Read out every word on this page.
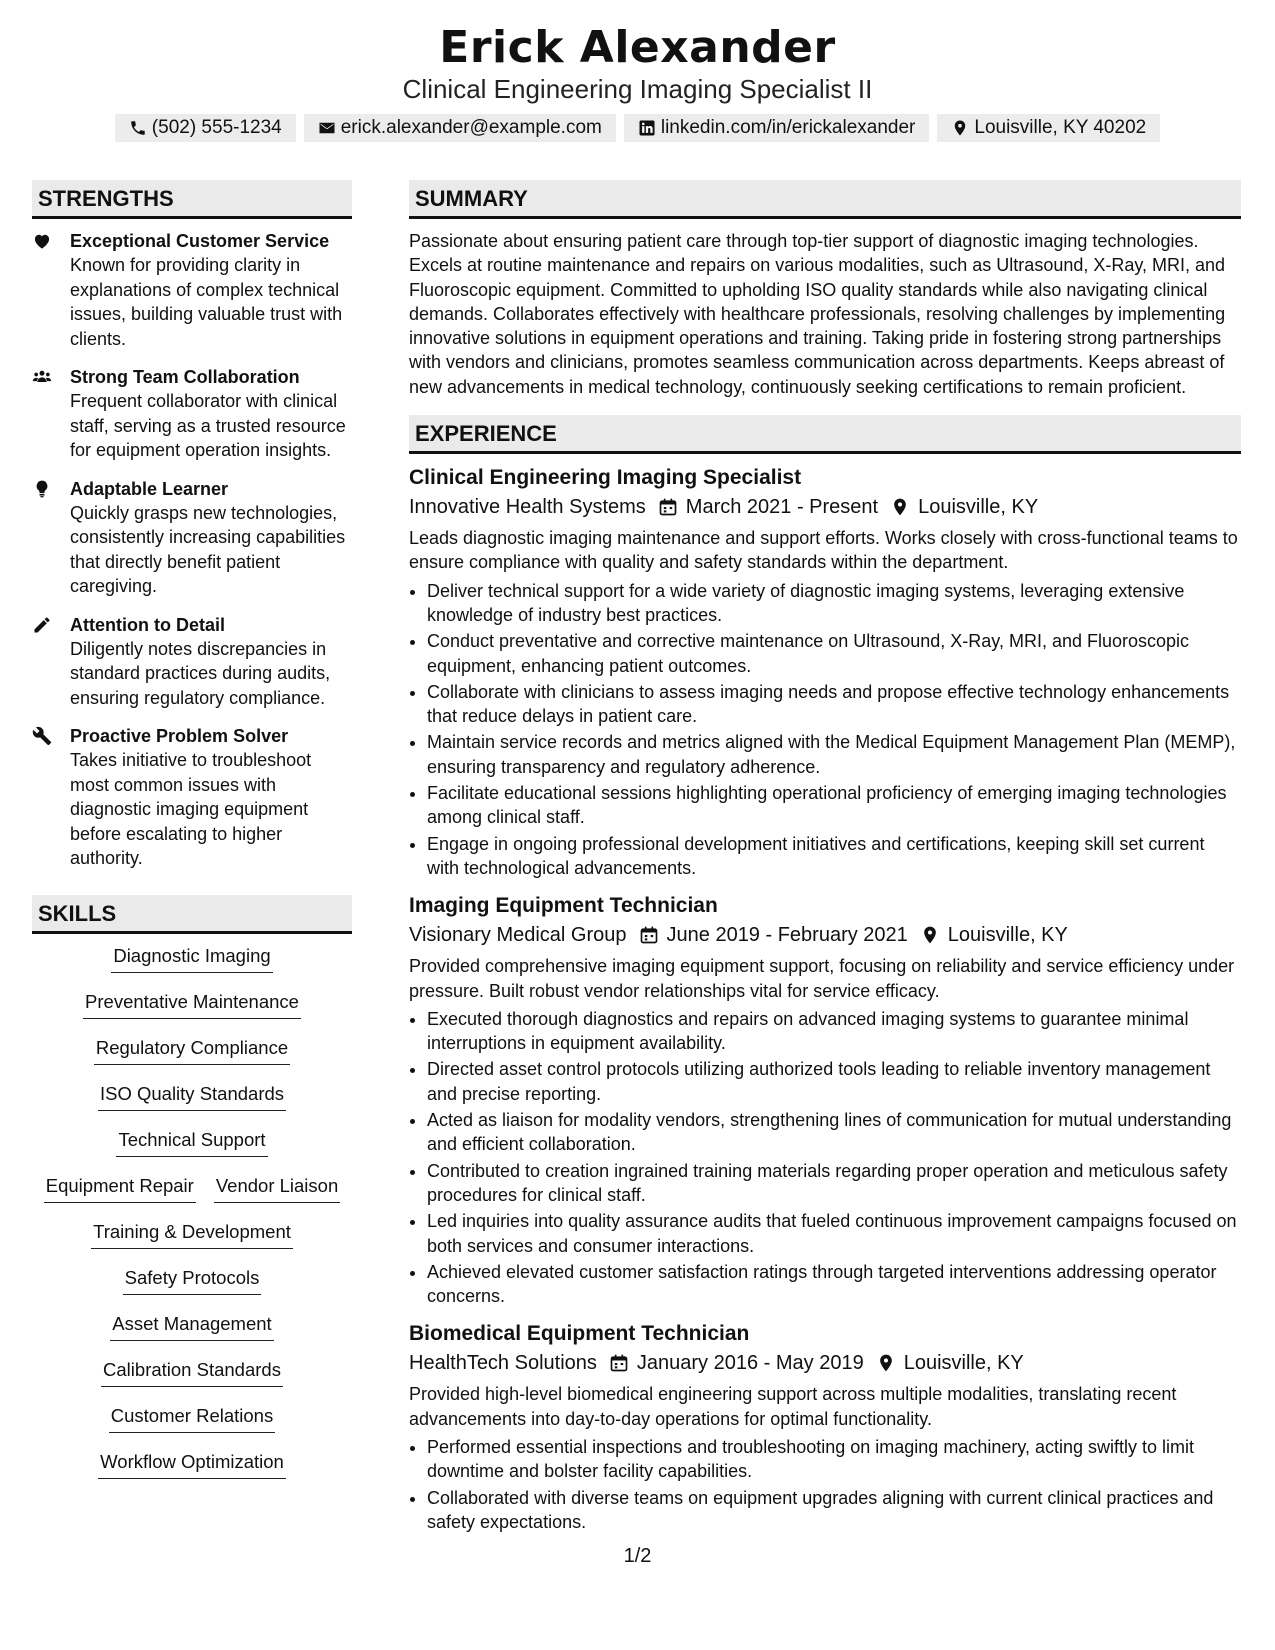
Erick Alexander
Clinical Engineering Imaging Specialist II
(502) 555-1234	erick.alexander@example.com	linkedin.com/in/erickalexander	Louisville, KY 40202
STRENGTHS
Exceptional Customer Service
Known for providing clarity in explanations of complex technical issues, building valuable trust with clients.
Strong Team Collaboration
Frequent collaborator with clinical staff, serving as a trusted resource for equipment operation insights.
Adaptable Learner
Quickly grasps new technologies, consistently increasing capabilities that directly benefit patient caregiving.
Attention to Detail
Diligently notes discrepancies in standard practices during audits, ensuring regulatory compliance.
Proactive Problem Solver
Takes initiative to troubleshoot most common issues with diagnostic imaging equipment before escalating to higher authority.
SKILLS
Diagnostic Imaging
Preventative Maintenance
Regulatory Compliance
ISO Quality Standards
Technical Support
Equipment Repair Vendor Liaison
Training & Development
Safety Protocols
Asset Management
Calibration Standards
Customer Relations
Workflow Optimization
SUMMARY
Passionate about ensuring patient care through top-tier support of diagnostic imaging technologies. Excels at routine maintenance and repairs on various modalities, such as Ultrasound, X-Ray, MRI, and Fluoroscopic equipment. Committed to upholding ISO quality standards while also navigating clinical demands. Collaborates effectively with healthcare professionals, resolving challenges by implementing innovative solutions in equipment operations and training. Taking pride in fostering strong partnerships with vendors and clinicians, promotes seamless communication across departments. Keeps abreast of new advancements in medical technology, continuously seeking certifications to remain proficient.
EXPERIENCE
Clinical Engineering Imaging Specialist
Innovative Health Systems March 2021 - Present Louisville, KY
Leads diagnostic imaging maintenance and support efforts. Works closely with cross-functional teams to ensure compliance with quality and safety standards within the department.
• Deliver technical support for a wide variety of diagnostic imaging systems, leveraging extensive knowledge of industry best practices.
• Conduct preventative and corrective maintenance on Ultrasound, X-Ray, MRI, and Fluoroscopic equipment, enhancing patient outcomes.
• Collaborate with clinicians to assess imaging needs and propose effective technology enhancements that reduce delays in patient care.
• Maintain service records and metrics aligned with the Medical Equipment Management Plan (MEMP), ensuring transparency and regulatory adherence.
• Facilitate educational sessions highlighting operational proficiency of emerging imaging technologies among clinical staff.
• Engage in ongoing professional development initiatives and certifications, keeping skill set current with technological advancements.
Imaging Equipment Technician
Visionary Medical Group June 2019 - February 2021 Louisville, KY
Provided comprehensive imaging equipment support, focusing on reliability and service efficiency under pressure. Built robust vendor relationships vital for service efficacy.
• Executed thorough diagnostics and repairs on advanced imaging systems to guarantee minimal interruptions in equipment availability.
• Directed asset control protocols utilizing authorized tools leading to reliable inventory management and precise reporting.
• Acted as liaison for modality vendors, strengthening lines of communication for mutual understanding and efficient collaboration.
• Contributed to creation ingrained training materials regarding proper operation and meticulous safety procedures for clinical staff.
• Led inquiries into quality assurance audits that fueled continuous improvement campaigns focused on both services and consumer interactions.
• Achieved elevated customer satisfaction ratings through targeted interventions addressing operator concerns.
Biomedical Equipment Technician
HealthTech Solutions January 2016 - May 2019 Louisville, KY
Provided high-level biomedical engineering support across multiple modalities, translating recent advancements into day-to-day operations for optimal functionality.
• Performed essential inspections and troubleshooting on imaging machinery, acting swiftly to limit downtime and bolster facility capabilities.
• Collaborated with diverse teams on equipment upgrades aligning with current clinical practices and safety expectations.
1/2
